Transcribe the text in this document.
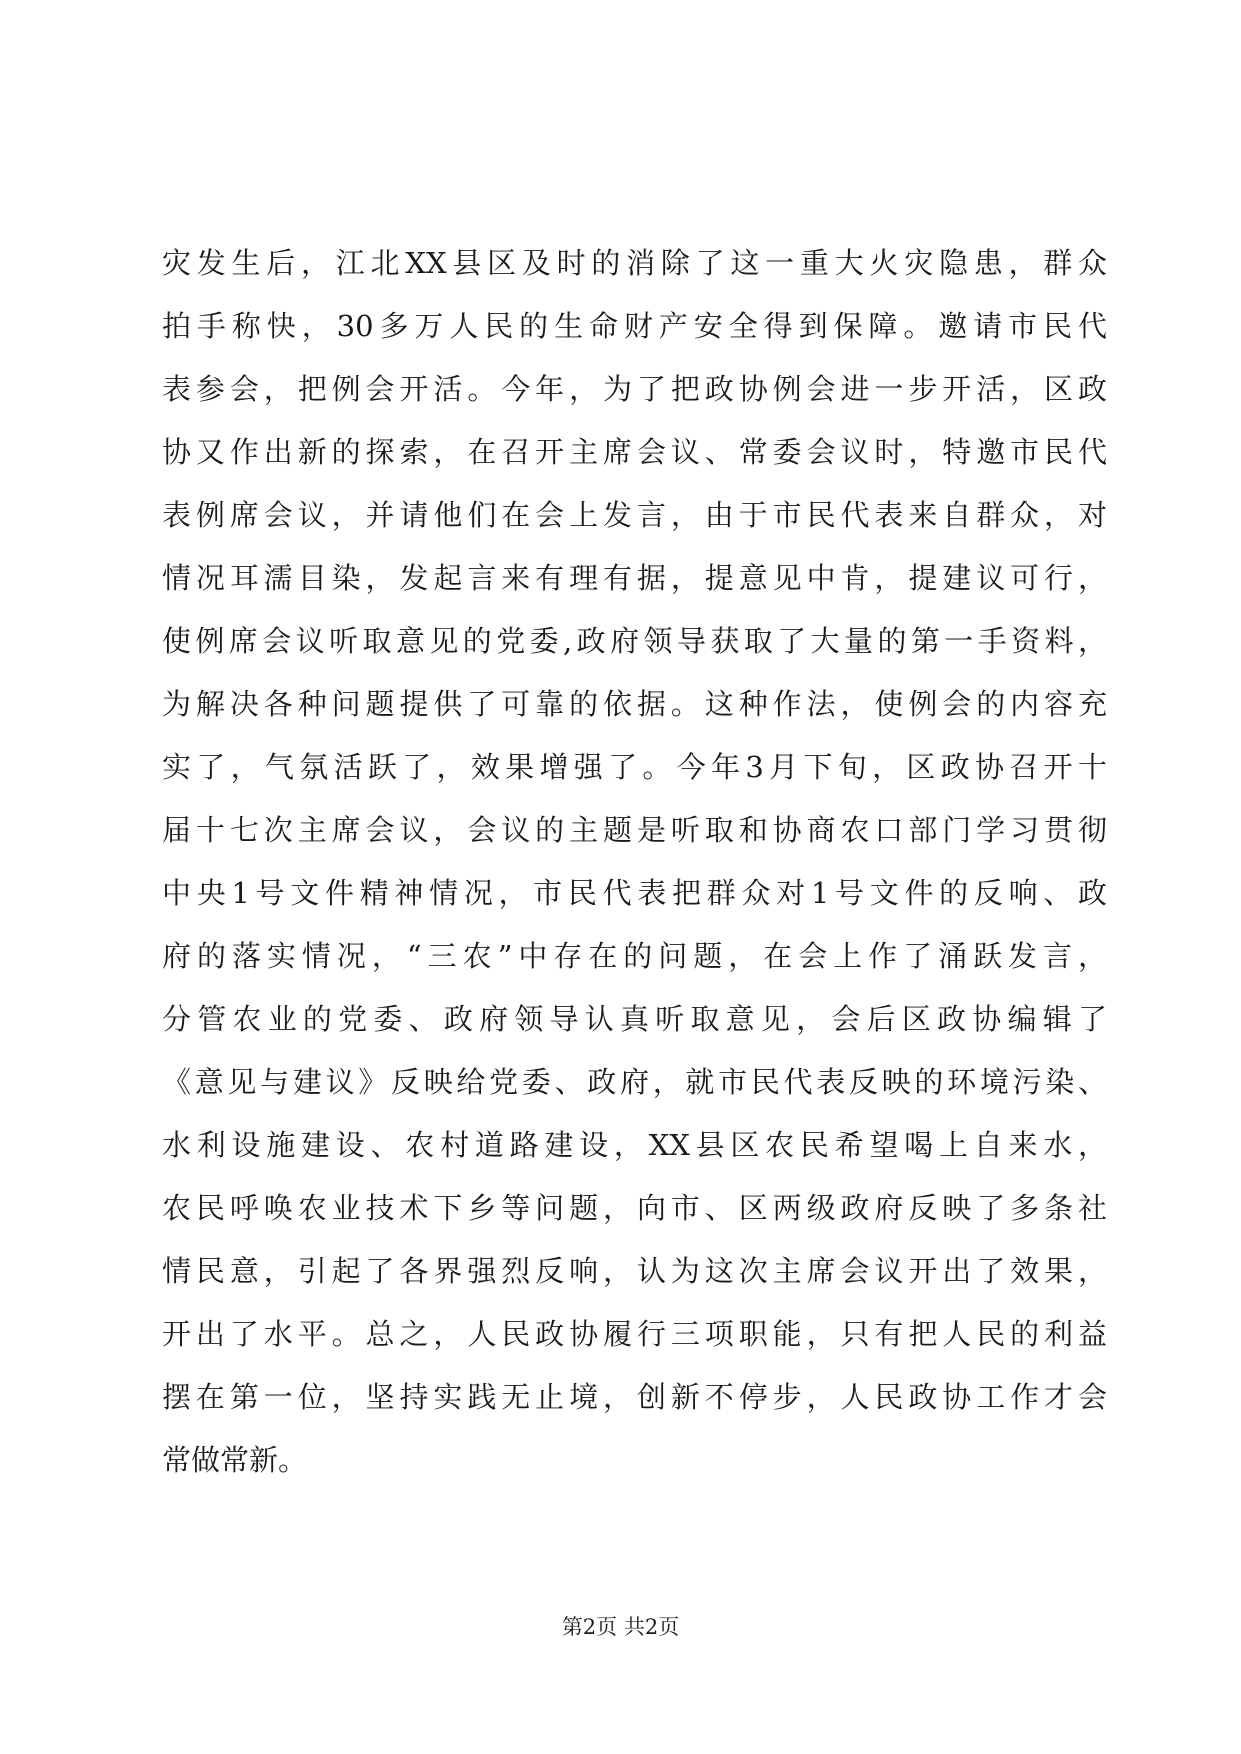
灾发生后，江北XX县区及时的消除了这一重大火灾隐患，群众
拍手称快，30多万人民的生命财产安全得到保障。邀请市民代
表参会，把例会开活。今年，为了把政协例会进一步开活，区政
协又作出新的探索，在召开主席会议、常委会议时，特邀市民代
表例席会议，并请他们在会上发言，由于市民代表来自群众，对
情况耳濡目染，发起言来有理有据，提意见中肯，提建议可行，
使例席会议听取意见的党委,政府领导获取了大量的第一手资料，
为解决各种问题提供了可靠的依据。这种作法，使例会的内容充
实了，气氛活跃了，效果增强了。今年3月下旬，区政协召开十
届十七次主席会议，会议的主题是听取和协商农口部门学习贯彻
中央1号文件精神情况，市民代表把群众对1号文件的反响、政
府的落实情况，“三农”中存在的问题，在会上作了涌跃发言，
分管农业的党委、政府领导认真听取意见，会后区政协编辑了
《意见与建议》反映给党委、政府，就市民代表反映的环境污染、
水利设施建设、农村道路建设，XX县区农民希望喝上自来水，
农民呼唤农业技术下乡等问题，向市、区两级政府反映了多条社
情民意，引起了各界强烈反响，认为这次主席会议开出了效果，
开出了水平。总之，人民政协履行三项职能，只有把人民的利益
摆在第一位，坚持实践无止境，创新不停步，人民政协工作才会
常做常新。
第2页 共2页
